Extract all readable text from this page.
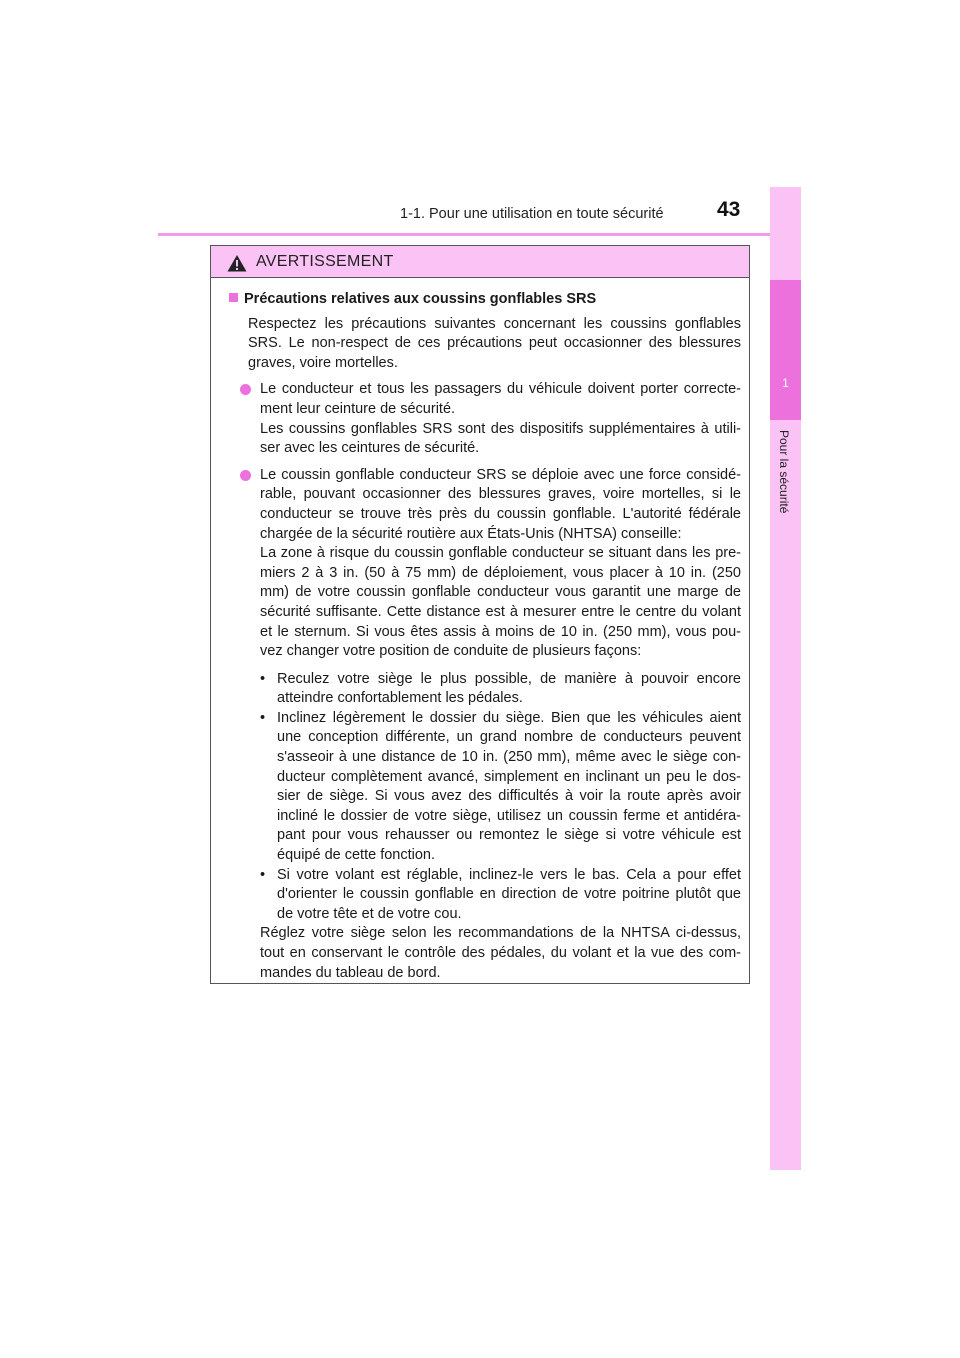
1-1. Pour une utilisation en toute sécurité	43
1
Pour la sécurité
AVERTISSEMENT
Précautions relatives aux coussins gonflables SRS

Respectez les précautions suivantes concernant les coussins gonflables SRS. Le non-respect de ces précautions peut occasionner des blessures graves, voire mortelles.

Le conducteur et tous les passagers du véhicule doivent porter correcte-ment leur ceinture de sécurité.

Les coussins gonflables SRS sont des dispositifs supplémentaires à utili-ser avec les ceintures de sécurité.

Le coussin gonflable conducteur SRS se déploie avec une force considé-rable, pouvant occasionner des blessures graves, voire mortelles, si le conducteur se trouve très près du coussin gonflable. L'autorité fédérale chargée de la sécurité routière aux États-Unis (NHTSA) conseille:

La zone à risque du coussin gonflable conducteur se situant dans les pre-miers 2 à 3 in. (50 à 75 mm) de déploiement, vous placer à 10 in. (250 mm) de votre coussin gonflable conducteur vous garantit une marge de sécurité suffisante. Cette distance est à mesurer entre le centre du volant et le sternum. Si vous êtes assis à moins de 10 in. (250 mm), vous pou-vez changer votre position de conduite de plusieurs façons:

• Reculez votre siège le plus possible, de manière à pouvoir encore atteindre confortablement les pédales.

• Inclinez légèrement le dossier du siège. Bien que les véhicules aient une conception différente, un grand nombre de conducteurs peuvent s'asseoir à une distance de 10 in. (250 mm), même avec le siège con-ducteur complètement avancé, simplement en inclinant un peu le dos-sier de siège. Si vous avez des difficultés à voir la route après avoir incliné le dossier de votre siège, utilisez un coussin ferme et antidéra-pant pour vous rehausser ou remontez le siège si votre véhicule est équipé de cette fonction.

• Si votre volant est réglable, inclinez-le vers le bas. Cela a pour effet d'orienter le coussin gonflable en direction de votre poitrine plutôt que de votre tête et de votre cou.

Réglez votre siège selon les recommandations de la NHTSA ci-dessus, tout en conservant le contrôle des pédales, du volant et la vue des com-mandes du tableau de bord.
